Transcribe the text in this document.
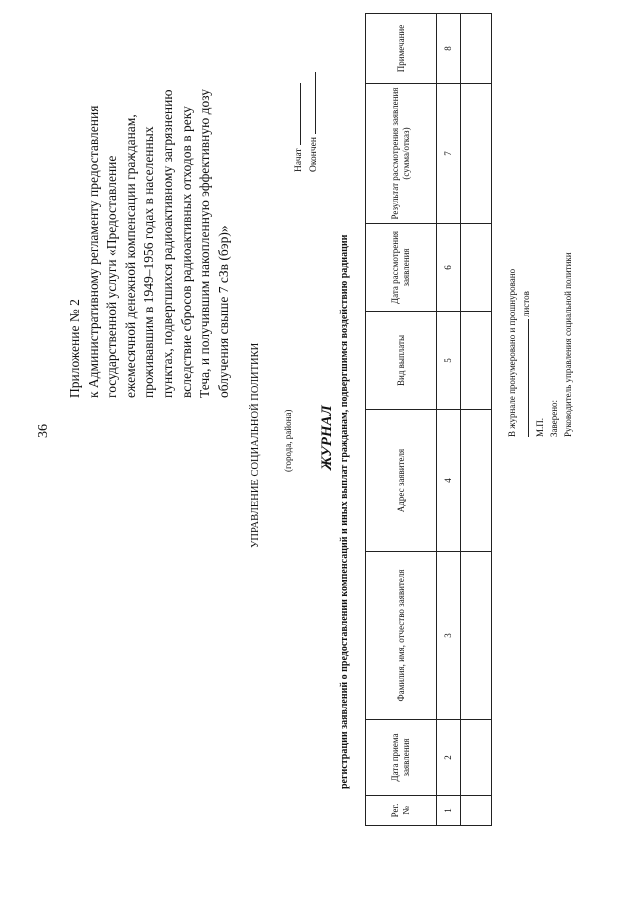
36
Приложение № 2 к Административному регламенту предоставления государственной услуги «Предоставление ежемесячной денежной компенсации гражданам, проживавшим в 1949–1956 годах в населенных пунктах, подвергшихся радиоактивному загрязнению вследствие сбросов радиоактивных отходов в реку Теча, и получившим накопленную эффективную дозу облучения свыше 7 сЗв (бэр)»
УПРАВЛЕНИЕ СОЦИАЛЬНОЙ ПОЛИТИКИ (города, района)
Начат Окончен
ЖУРНАЛ регистрации заявлений о предоставлении компенсаций и иных выплат гражданам, подвергшимся воздействию радиации
Рег. №	Дата приема заявления	Фамилия, имя, отчество заявителя	Адрес заявителя	Вид выплаты	Дата рассмотрения заявления	Результат рассмотрения заявления (сумма/отказ)	Примечание
1	2	3	4	5	6	7	8

В журнале пронумеровано и прошнуровано листов
М.П. Заверено: Руководитель управления социальной политики
